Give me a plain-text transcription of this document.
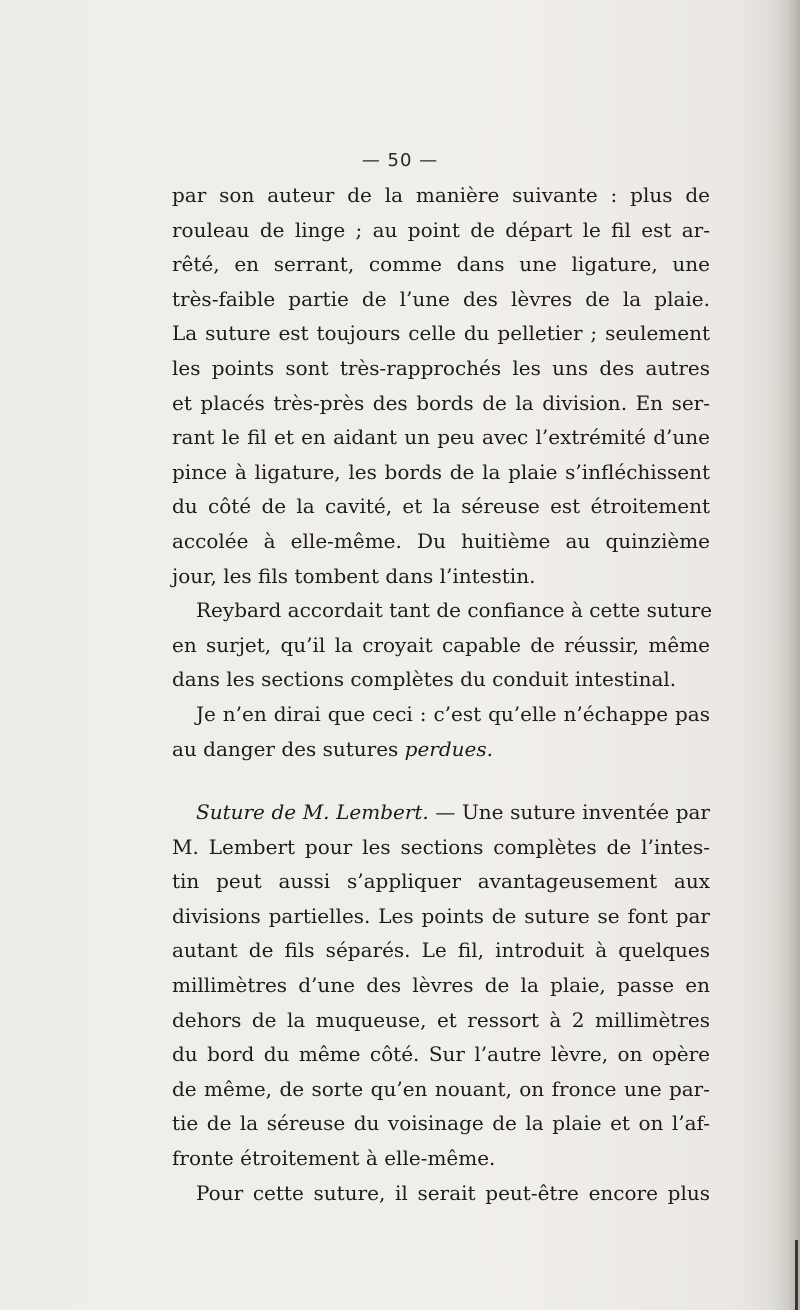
— 50 —
par son auteur de la manière suivante : plus de
rouleau de linge ; au point de départ le fil est ar-
rêté, en serrant, comme dans une ligature, une
très-faible partie de l’une des lèvres de la plaie.
La suture est toujours celle du pelletier ; seulement
les points sont très-rapprochés les uns des autres
et placés très-près des bords de la division. En ser-
rant le fil et en aidant un peu avec l’extrémité d’une
pince à ligature, les bords de la plaie s’infléchissent
du côté de la cavité, et la séreuse est étroitement
accolée à elle-même. Du huitième au quinzième
jour, les fils tombent dans l’intestin.
Reybard accordait tant de confiance à cette suture
en surjet, qu’il la croyait capable de réussir, même
dans les sections complètes du conduit intestinal.
Je n’en dirai que ceci : c’est qu’elle n’échappe pas
au danger des sutures perdues.
Suture de M. Lembert. — Une suture inventée par
M. Lembert pour les sections complètes de l’intes-
tin peut aussi s’appliquer avantageusement aux
divisions partielles. Les points de suture se font par
autant de fils séparés. Le fil, introduit à quelques
millimètres d’une des lèvres de la plaie, passe en
dehors de la muqueuse, et ressort à 2 millimètres
du bord du même côté. Sur l’autre lèvre, on opère
de même, de sorte qu’en nouant, on fronce une par-
tie de la séreuse du voisinage de la plaie et on l’af-
fronte étroitement à elle-même.
Pour cette suture, il serait peut-être encore plus
